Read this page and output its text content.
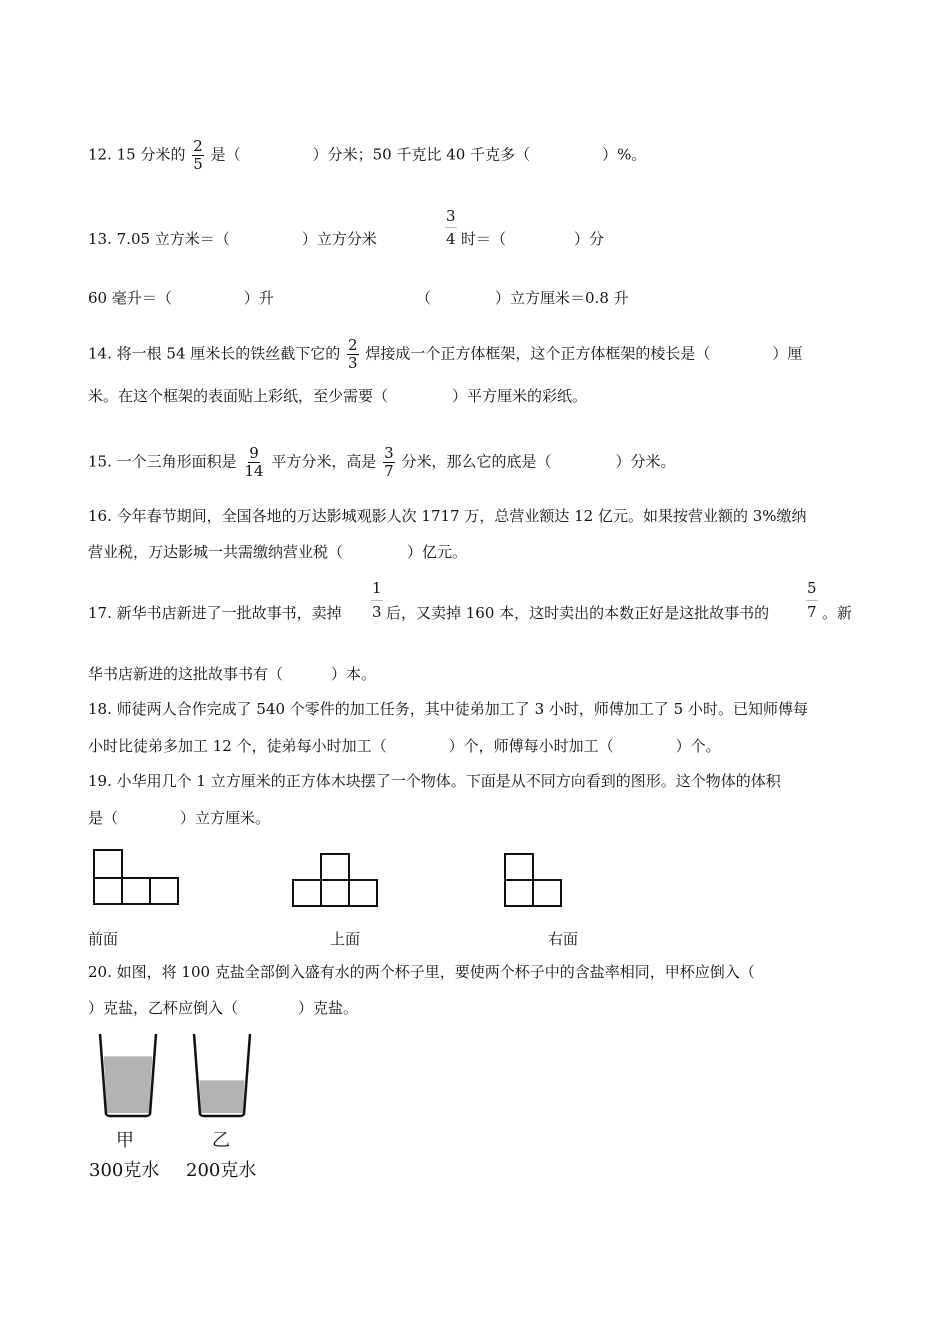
12. 15 分米的 $\frac{2}{5}$ 是（	）分米；50 千克比 40 千克多（	）%。
13. 7.05 立方米＝（	）立方分米	$\frac{3}{4}$ 时＝（	）分
60 毫升＝（	）升	（	）立方厘米＝0.8 升
14. 将一根 54 厘米长的铁丝截下它的 $\frac{2}{3}$ 焊接成一个正方体框架，这个正方体框架的棱长是（	）厘
米。在这个框架的表面贴上彩纸，至少需要（	）平方厘米的彩纸。
15. 一个三角形面积是 $\frac{9}{14}$ 平方分米，高是 $\frac{3}{7}$ 分米，那么它的底是（	）分米。
16. 今年春节期间，全国各地的万达影城观影人次 1717 万，总营业额达 12 亿元。如果按营业额的 3%缴纳
营业税，万达影城一共需缴纳营业税（	）亿元。
17. 新华书店新进了一批故事书，卖掉 $\frac{1}{3}$ 后，又卖掉 160 本，这时卖出的本数正好是这批故事书的 $\frac{5}{7}$ 。新
华书店新进的这批故事书有（	）本。
18. 师徒两人合作完成了 540 个零件的加工任务，其中徒弟加工了 3 小时，师傅加工了 5 小时。已知师傅每
小时比徒弟多加工 12 个，徒弟每小时加工（	）个，师傅每小时加工（	）个。
19. 小华用几个 1 立方厘米的正方体木块摆了一个物体。下面是从不同方向看到的图形。这个物体的体积
是（	）立方厘米。
前面	上面	右面
20. 如图，将 100 克盐全部倒入盛有水的两个杯子里，要使两个杯子中的含盐率相同，甲杯应倒入（
）克盐，乙杯应倒入（	）克盐。
甲	乙
300克水 200克水
